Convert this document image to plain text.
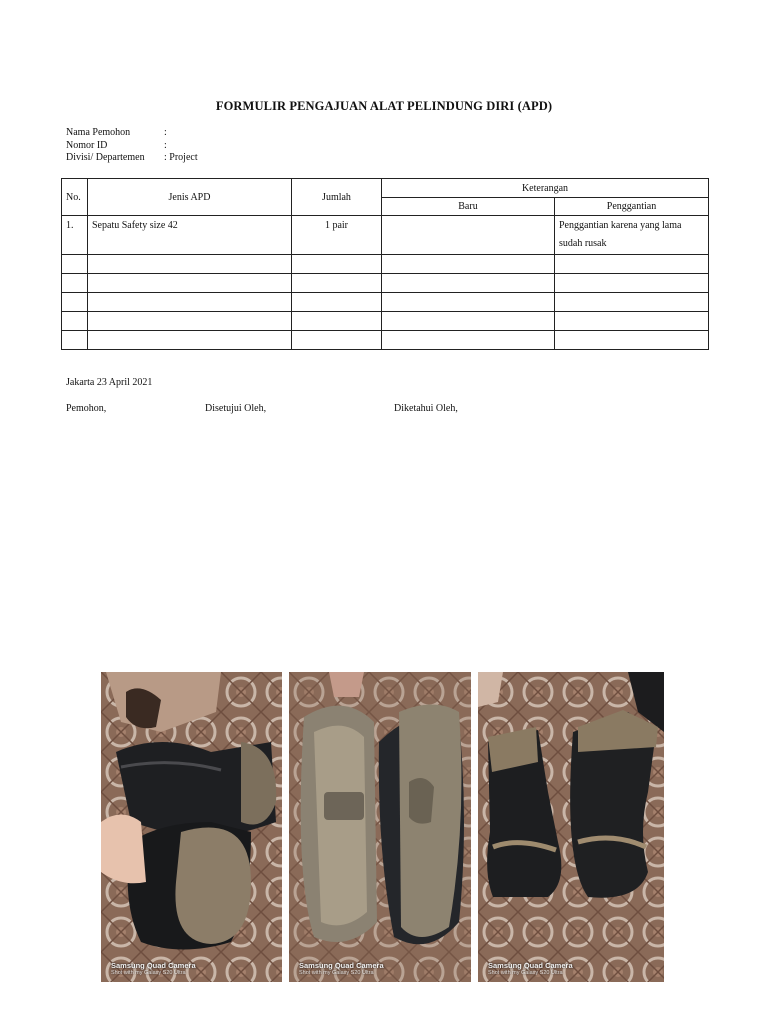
FORMULIR PENGAJUAN ALAT PELINDUNG DIRI (APD)
Nama Pemohon	:
Nomor ID	:
Divisi/ Departemen : Project
No.	Jenis APD	Jumlah	Keterangan	
			Baru	Penggantian
1.	Sepatu Safety size 42	1 pair		Penggantian karena yang lama sudah rusak

Jakarta 23 April 2021
Pemohon,	Disetujui Oleh,	Diketahui Oleh,
Samsung Quad Camera
Shot with my Galaxy S20 Ultra
Samsung Quad Camera
Shot with my Galaxy S20 Ultra
Samsung Quad Camera
Shot with my Galaxy S20 Ultra
